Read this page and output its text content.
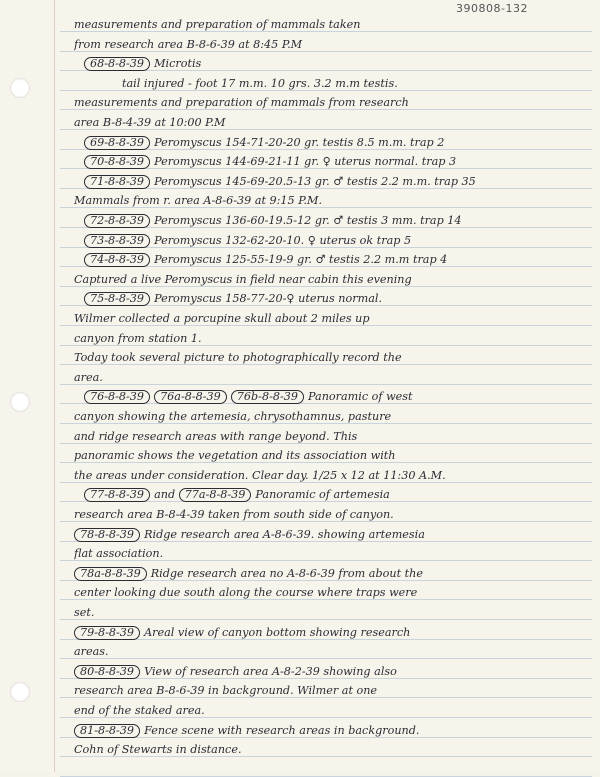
390808-132
measurements and preparation of mammals taken
from research area B-8-6-39 at 8:45 P.M
68-8-8-39 Microtis
tail injured - foot 17 m.m. 10 grs. 3.2 m.m testis.
measurements and preparation of mammals from research
area B-8-4-39 at 10:00 P.M
69-8-8-39 Peromyscus 154-71-20-20 gr. testis 8.5 m.m. trap 2
70-8-8-39 Peromyscus 144-69-21-11 gr. ♀ uterus normal. trap 3
71-8-8-39 Peromyscus 145-69-20.5-13 gr. ♂ testis 2.2 m.m. trap 35
Mammals from r. area A-8-6-39 at 9:15 P.M.
72-8-8-39 Peromyscus 136-60-19.5-12 gr. ♂ testis 3 mm. trap 14
73-8-8-39 Peromyscus 132-62-20-10. ♀ uterus ok trap 5
74-8-8-39 Peromyscus 125-55-19-9 gr. ♂ testis 2.2 m.m trap 4
Captured a live Peromyscus in field near cabin this evening
75-8-8-39 Peromyscus 158-77-20-♀ uterus normal.
Wilmer collected a porcupine skull about 2 miles up
canyon from station 1.
Today took several picture to photographically record the
area.
76-8-8-39 76a-8-8-39 76b-8-8-39 Panoramic of west
canyon showing the artemesia, chrysothamnus, pasture
and ridge research areas with range beyond. This
panoramic shows the vegetation and its association with
the areas under consideration. Clear day. 1/25 x 12 at 11:30 A.M.
77-8-8-39 and 77a-8-8-39 Panoramic of artemesia
research area B-8-4-39 taken from south side of canyon.
78-8-8-39 Ridge research area A-8-6-39. showing artemesia
flat association.
78a-8-8-39 Ridge research area no A-8-6-39 from about the
center looking due south along the course where traps were
set.
79-8-8-39 Areal view of canyon bottom showing research
areas.
80-8-8-39 View of research area A-8-2-39 showing also
research area B-8-6-39 in background. Wilmer at one
end of the staked area.
81-8-8-39 Fence scene with research areas in background.
Cohn of Stewarts in distance.
